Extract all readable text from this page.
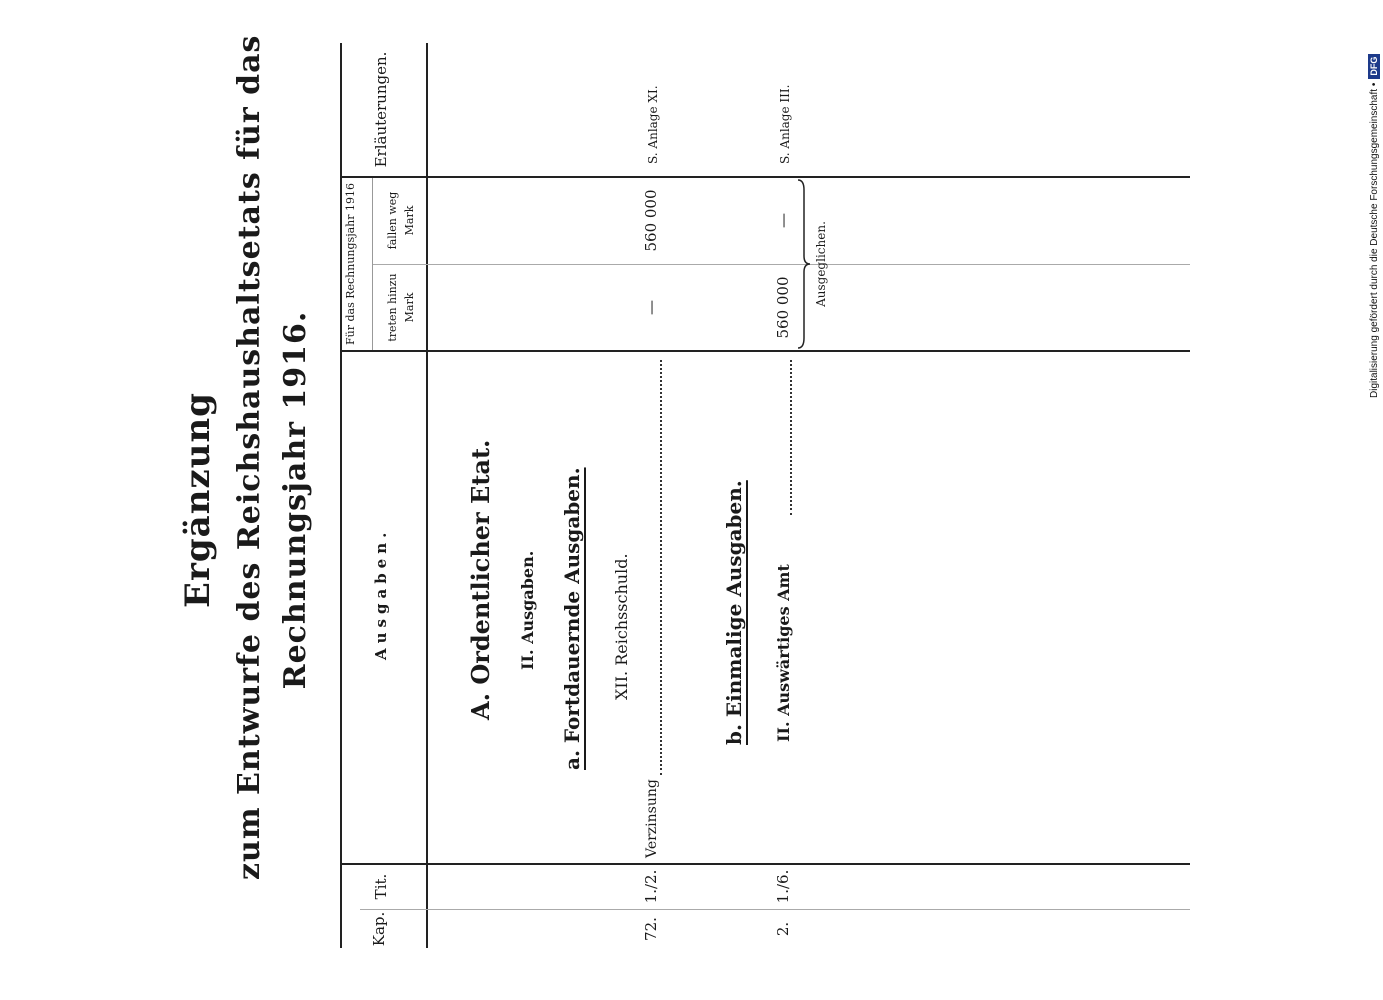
Ergänzung zum Entwurfe des Reichshaushaltsetats für das Rechnungsjahr 1916.
Kap.
Tit.
Ausgaben.
Für das Rechnungsjahr 1916	treten hinzu Mark
fallen weg Mark
Erläuterungen.
A. Ordentlicher Etat. II. Ausgaben. a. Fortdauernde Ausgaben. XII. Reichsschuld.
72.
1./2.
Verzinsung
—
560 000
S. Anlage XI.
b. Einmalige Ausgaben.
2.
1./6.
II. Auswärtiges Amt
560 000
—
S. Anlage III.
Ausgeglichen.	Digitalisierung gefördert durch die Deutsche Forschungsgemeinschaft •
DFG
